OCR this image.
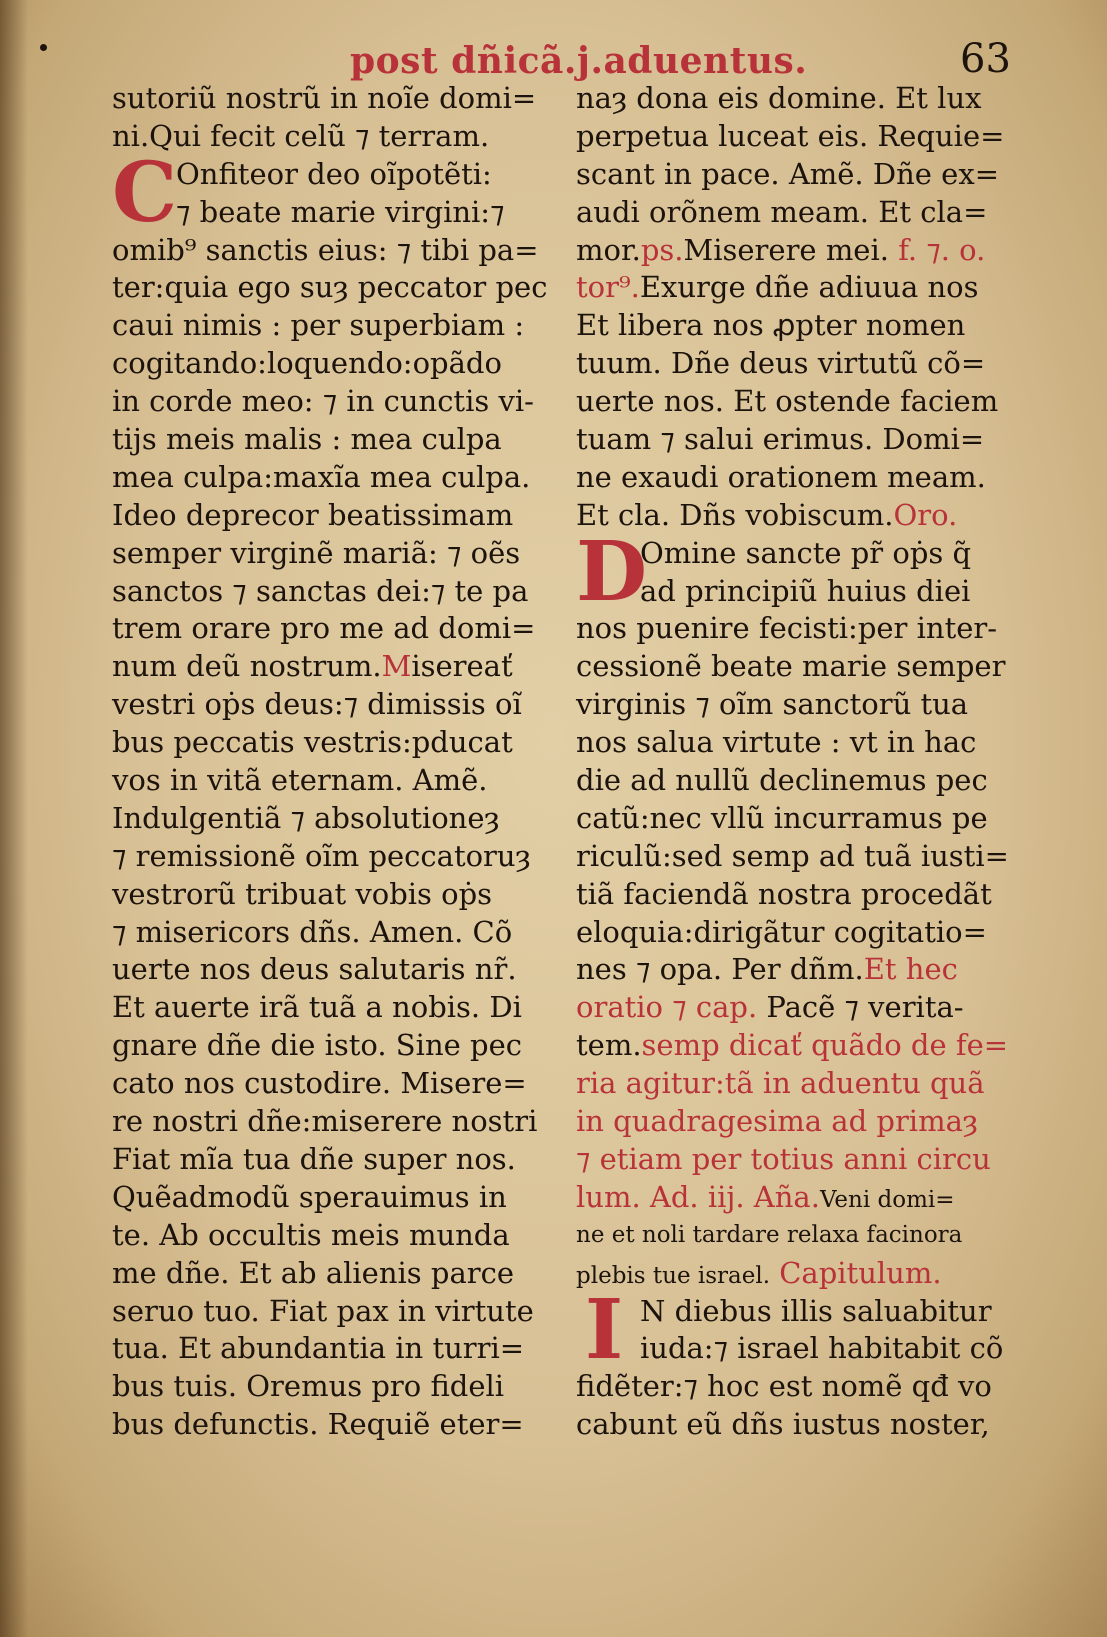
post dñicã.j.aduentus.	63
sutoriũ nostrũ in noĩe domi=
ni.Qui fecit celũ ⁊ terram.
C
Onfiteor deo oĩpotẽti:
⁊ beate marie virgini:⁊
omib⁹ sanctis eius: ⁊ tibi pa=
ter:quia ego suȝ peccator pec
caui nimis : per superbiam :
cogitando:loquendo:opãdo
in corde meo: ⁊ in cunctis vi-
tijs meis malis : mea culpa
mea culpa:maxĩa mea culpa.
Ideo deprecor beatissimam
semper virginẽ mariã: ⁊ oẽs
sanctos ⁊ sanctas dei:⁊ te pa
trem orare pro me ad domi=
num deũ nostrum.Misereať
vestri oṗs deus:⁊ dimissis oĩ
bus peccatis vestris:pducat
vos in vitã eternam. Amẽ.
Indulgentiã ⁊ absolutioneȝ
⁊ remissionẽ oĩm peccatoruȝ
vestrorũ tribuat vobis oṗs
⁊ misericors dñs. Amen. Cõ
uerte nos deus salutaris nr̃.
Et auerte irã tuã a nobis. Di
gnare dñe die isto. Sine pec
cato nos custodire. Misere=
re nostri dñe:miserere nostri
Fiat mĩa tua dñe super nos.
Quẽadmodũ sperauimus in
te. Ab occultis meis munda
me dñe. Et ab alienis parce
seruo tuo. Fiat pax in virtute
tua. Et abundantia in turri=
bus tuis. Oremus pro fideli
bus defunctis. Requiẽ eter=
naȝ dona eis domine. Et lux
perpetua luceat eis. Requie=
scant in pace. Amẽ. Dñe ex=
audi orõnem meam. Et cla=
mor.ps.Miserere mei. f. ⁊. o.
tor⁹.Exurge dñe adiuua nos
Et libera nos ꝓpter nomen
tuum. Dñe deus virtutũ cõ=
uerte nos. Et ostende faciem
tuam ⁊ salui erimus. Domi=
ne exaudi orationem meam.
Et cla. Dñs vobiscum.Oro.
D
Omine sancte pr̃ oṗs q̃
ad principiũ huius diei
nos puenire fecisti:per inter-
cessionẽ beate marie semper
virginis ⁊ oĩm sanctorũ tua
nos salua virtute : vt in hac
die ad nullũ declinemus pec
catũ:nec vllũ incurramus pe
riculũ:sed semp ad tuã iusti=
tiã faciendã nostra procedãt
eloquia:dirigãtur cogitatio=
nes ⁊ opa. Per dñm.Et hec
oratio ⁊ cap. Pacẽ ⁊ verita-
tem.semp dicať quãdo de fe=
ria agitur:tã in aduentu quã
in quadragesima ad primaȝ
⁊ etiam per totius anni circu
lum. Ad. iij. Aña.Veni domi=
ne et noli tardare relaxa facinora
plebis tue israel. Capitulum.
I N diebus illis saluabitur
iuda:⁊ israel habitabit cõ
fidẽter:⁊ hoc est nomẽ qđ vo
cabunt eũ dñs iustus noster,
